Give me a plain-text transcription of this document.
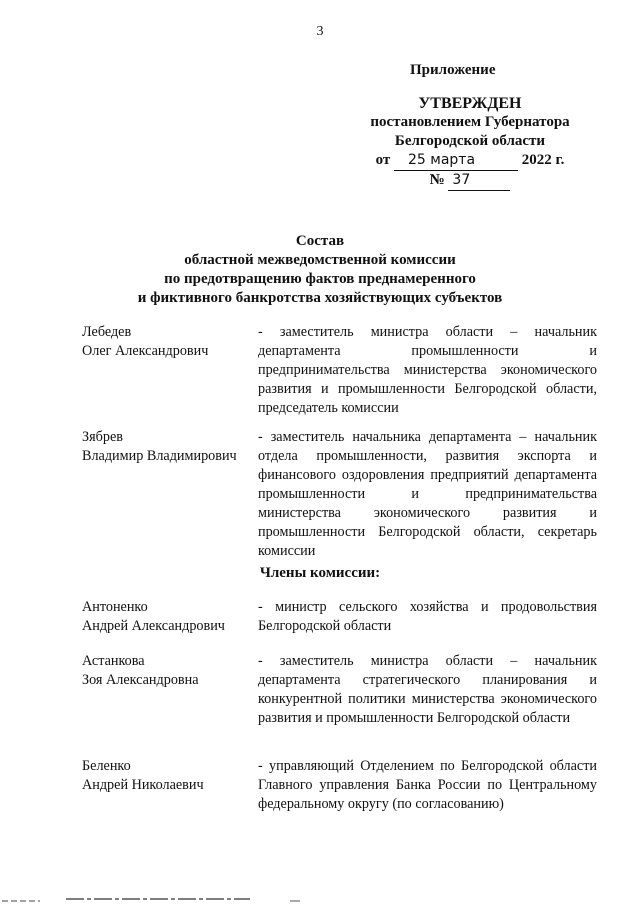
3
Приложение
УТВЕРЖДЕН
постановлением Губернатора
Белгородской области
от 25 марта	2022 г.
№ 37
Состав
областной межведомственной комиссии
по предотвращению фактов преднамеренного
и фиктивного банкротства хозяйствующих субъектов
Лебедев
Олег Александрович

- заместитель министра области – начальник департамента промышленности и предпринимательства министерства экономического развития и промышленности Белгородской области, председатель комиссии

Зябрев
Владимир Владимирович

- заместитель начальника департамента – начальник отдела промышленности, развития экспорта и финансового оздоровления предприятий департамента промышленности и предпринимательства министерства экономического развития и промышленности Белгородской области, секретарь комиссии

Члены комиссии:
Антоненко
Андрей Александрович

- министр сельского хозяйства и продовольствия Белгородской области

Астанкова
Зоя Александровна

- заместитель министра области – начальник департамента стратегического планирования и конкурентной политики министерства экономического развития и промышленности Белгородской области

Беленко
Андрей Николаевич

- управляющий Отделением по Белгородской области Главного управления Банка России по Центральному федеральному округу (по согласованию)
